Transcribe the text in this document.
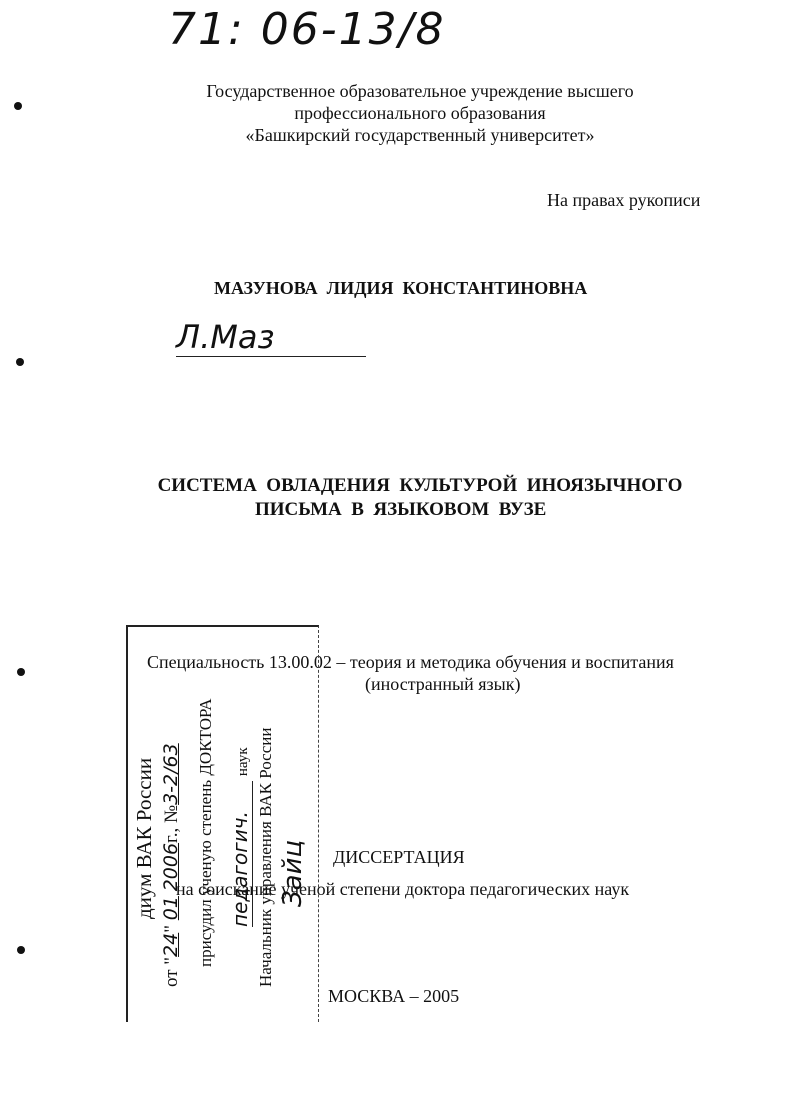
71: 06-13/8
Государственное образовательное учреждение высшего
профессионального образования
«Башкирский государственный университет»
На правах рукописи
МАЗУНОВА  ЛИДИЯ  КОНСТАНТИНОВНА
Л.Маз
СИСТЕМА  ОВЛАДЕНИЯ  КУЛЬТУРОЙ  ИНОЯЗЫЧНОГО
ПИСЬМА  В  ЯЗЫКОВОМ  ВУЗЕ
Специальность 13.00.02 – теория и методика обучения и воспитания
(иностранный язык)
ДИССЕРТАЦИЯ
на соискание ученой степени доктора педагогических наук
МОСКВА – 2005
диум ВАК России
от "24" 01 2006г., №3-2/63 присудил ученую степень ДОКТОРА педагогич. наук Начальник управления ВАК России Зайц
